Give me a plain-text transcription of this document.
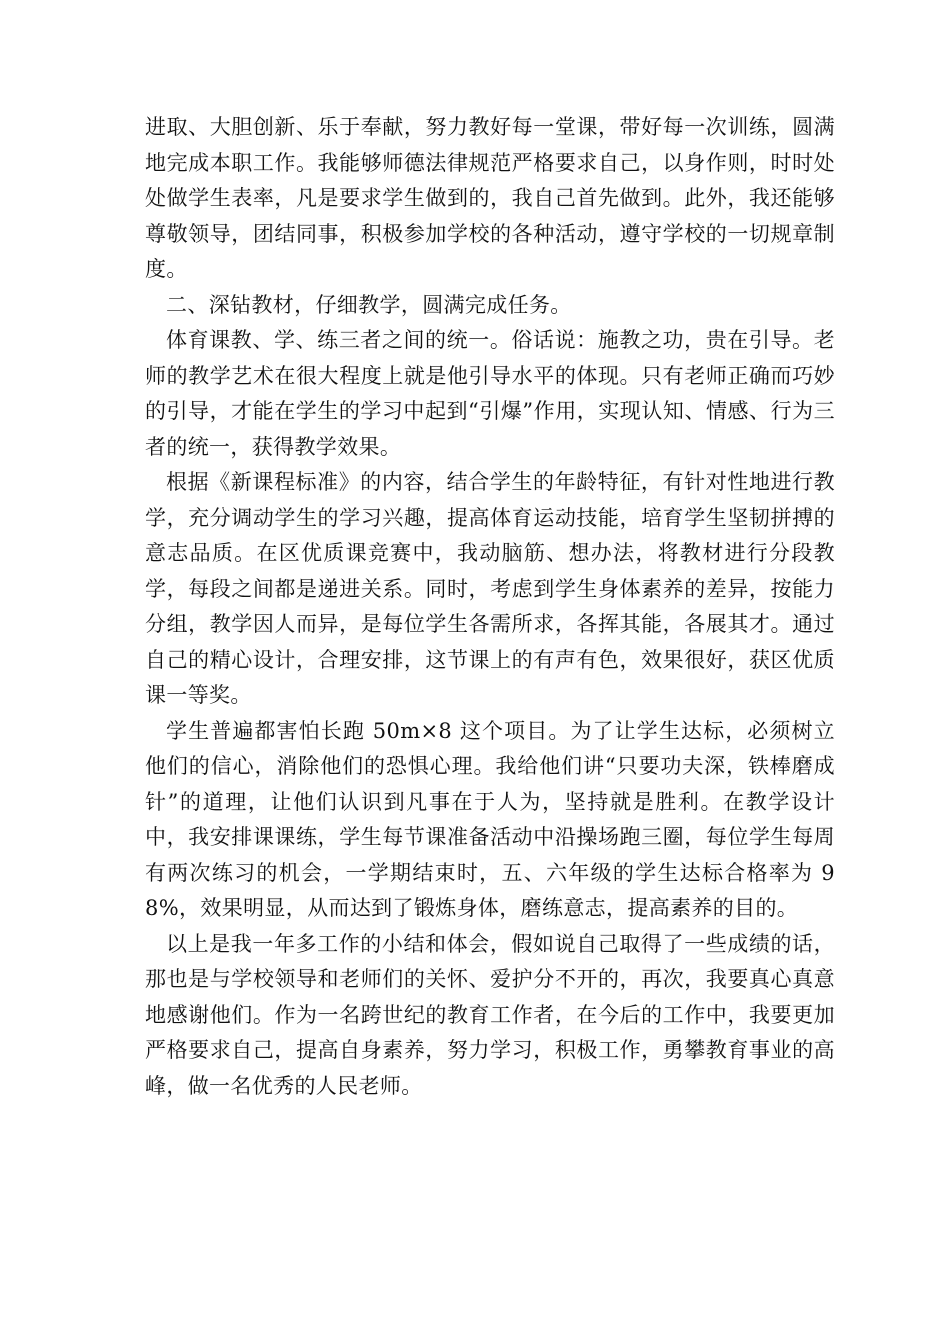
进取、大胆创新、乐于奉献，努力教好每一堂课，带好每一次训练，圆满地完成本职工作。我能够师德法律规范严格要求自己，以身作则，时时处处做学生表率，凡是要求学生做到的，我自己首先做到。此外，我还能够尊敬领导，团结同事，积极参加学校的各种活动，遵守学校的一切规章制度。

二、深钻教材，仔细教学，圆满完成任务。

体育课教、学、练三者之间的统一。俗话说：施教之功，贵在引导。老师的教学艺术在很大程度上就是他引导水平的体现。只有老师正确而巧妙的引导，才能在学生的学习中起到“引爆”作用，实现认知、情感、行为三者的统一，获得教学效果。

根据《新课程标准》的内容，结合学生的年龄特征，有针对性地进行教学，充分调动学生的学习兴趣，提高体育运动技能，培育学生坚韧拼搏的意志品质。在区优质课竞赛中，我动脑筋、想办法，将教材进行分段教学，每段之间都是递进关系。同时，考虑到学生身体素养的差异，按能力分组，教学因人而异，是每位学生各需所求，各挥其能，各展其才。通过自己的精心设计，合理安排，这节课上的有声有色，效果很好，获区优质课一等奖。

学生普遍都害怕长跑 50m×8 这个项目。为了让学生达标，必须树立他们的信心，消除他们的恐惧心理。我给他们讲“只要功夫深，铁棒磨成针”的道理，让他们认识到凡事在于人为，坚持就是胜利。在教学设计中，我安排课课练，学生每节课准备活动中沿操场跑三圈，每位学生每周有两次练习的机会，一学期结束时，五、六年级的学生达标合格率为 98%，效果明显，从而达到了锻炼身体，磨练意志，提高素养的目的。

以上是我一年多工作的小结和体会，假如说自己取得了一些成绩的话，那也是与学校领导和老师们的关怀、爱护分不开的，再次，我要真心真意地感谢他们。作为一名跨世纪的教育工作者，在今后的工作中，我要更加严格要求自己，提高自身素养，努力学习，积极工作，勇攀教育事业的高峰，做一名优秀的人民老师。
